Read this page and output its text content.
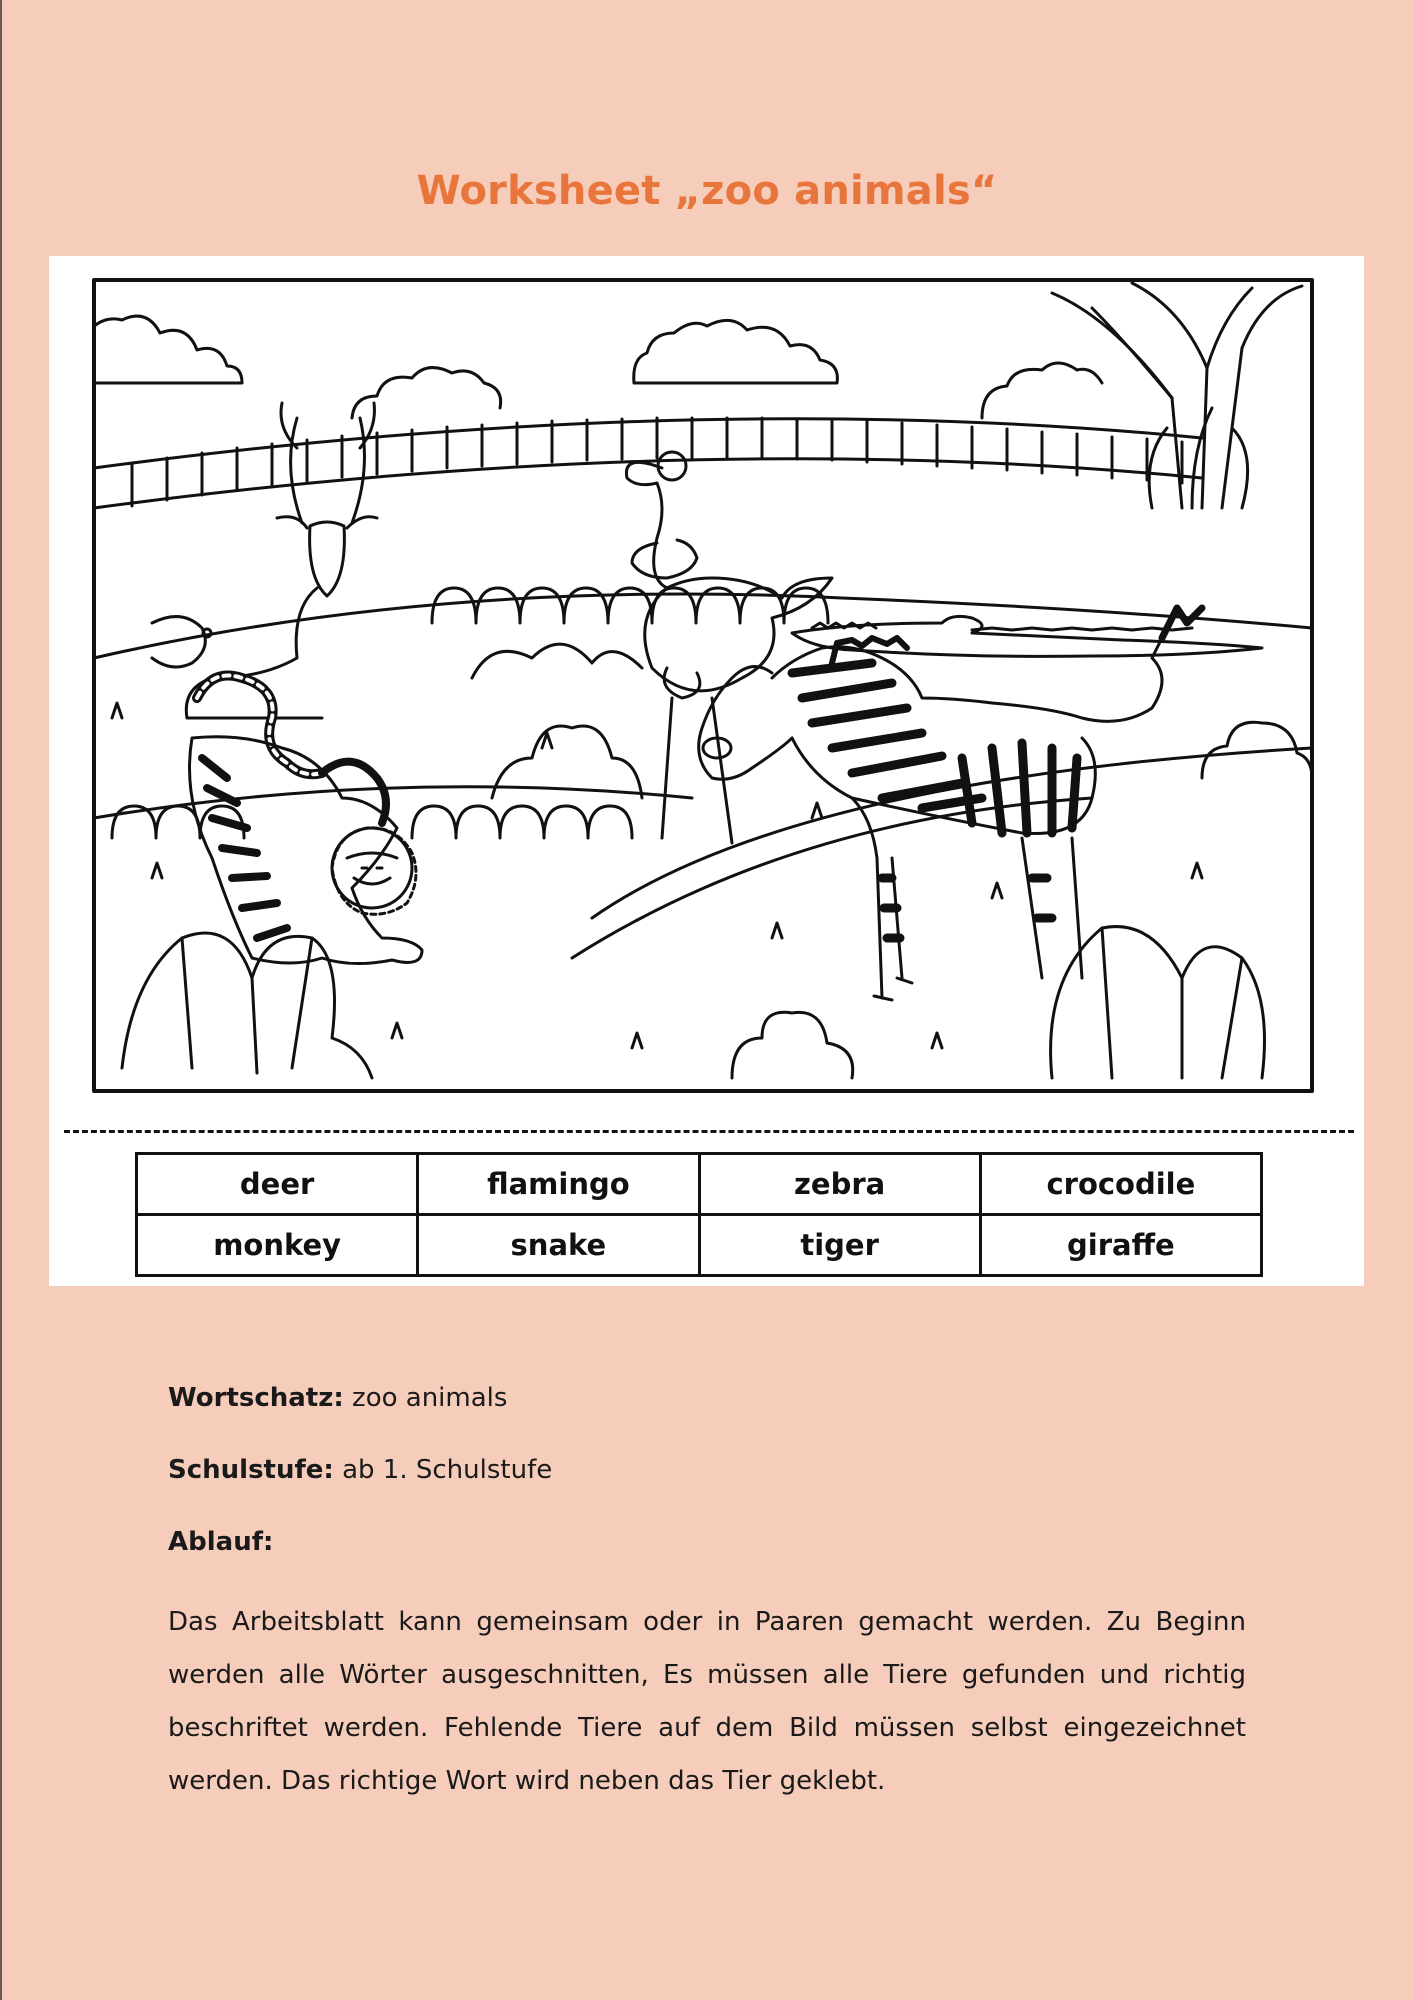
Worksheet „zoo animals“
deer	flamingo	zebra	crocodile
monkey	snake	tiger	giraffe

Wortschatz: zoo animals

Schulstufe: ab 1. Schulstufe

Ablauf:

Das Arbeitsblatt kann gemeinsam oder in Paaren gemacht werden. Zu Beginn werden alle Wörter ausgeschnitten, Es müssen alle Tiere gefunden und richtig beschriftet werden. Fehlende Tiere auf dem Bild müssen selbst eingezeichnet werden. Das richtige Wort wird neben das Tier geklebt.
